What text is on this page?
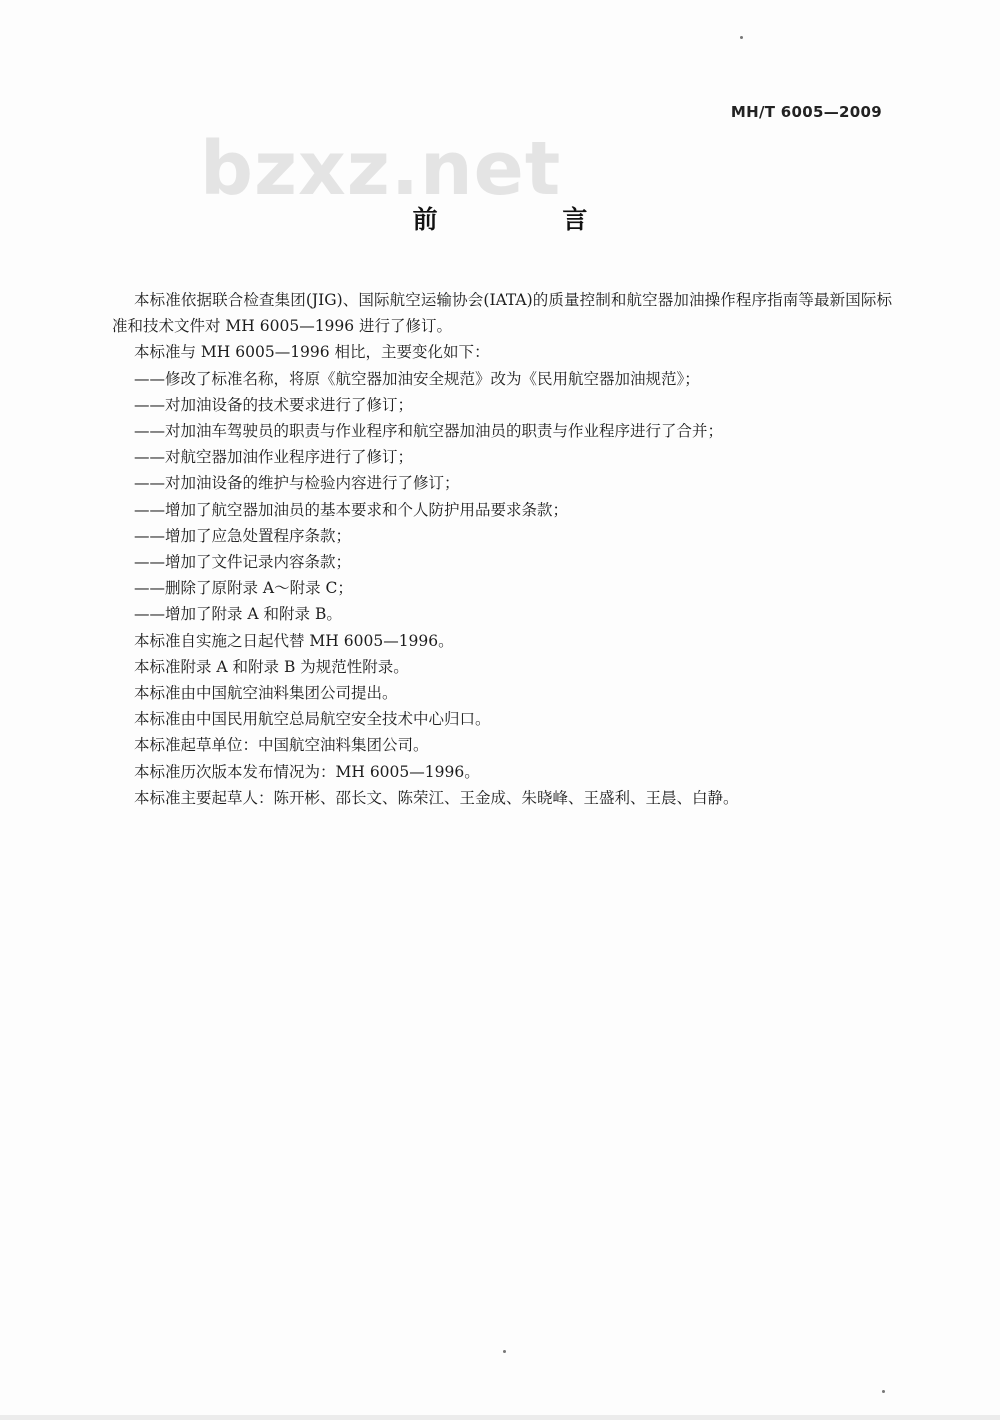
MH/T 6005—2009
bzxz.net
前 言

本标准依据联合检查集团(JIG)、国际航空运输协会(IATA)的质量控制和航空器加油操作程序指南等最新国际标准和技术文件对 MH 6005—1996 进行了修订。

本标准与 MH 6005—1996 相比，主要变化如下：

——修改了标准名称，将原《航空器加油安全规范》改为《民用航空器加油规范》；

——对加油设备的技术要求进行了修订；

——对加油车驾驶员的职责与作业程序和航空器加油员的职责与作业程序进行了合并；

——对航空器加油作业程序进行了修订；

——对加油设备的维护与检验内容进行了修订；

——增加了航空器加油员的基本要求和个人防护用品要求条款；

——增加了应急处置程序条款；

——增加了文件记录内容条款；

——删除了原附录 A～附录 C；

——增加了附录 A 和附录 B。

本标准自实施之日起代替 MH 6005—1996。

本标准附录 A 和附录 B 为规范性附录。

本标准由中国航空油料集团公司提出。

本标准由中国民用航空总局航空安全技术中心归口。

本标准起草单位：中国航空油料集团公司。

本标准历次版本发布情况为：MH 6005—1996。

本标准主要起草人：陈开彬、邵长文、陈荣江、王金成、朱晓峰、王盛利、王晨、白静。
